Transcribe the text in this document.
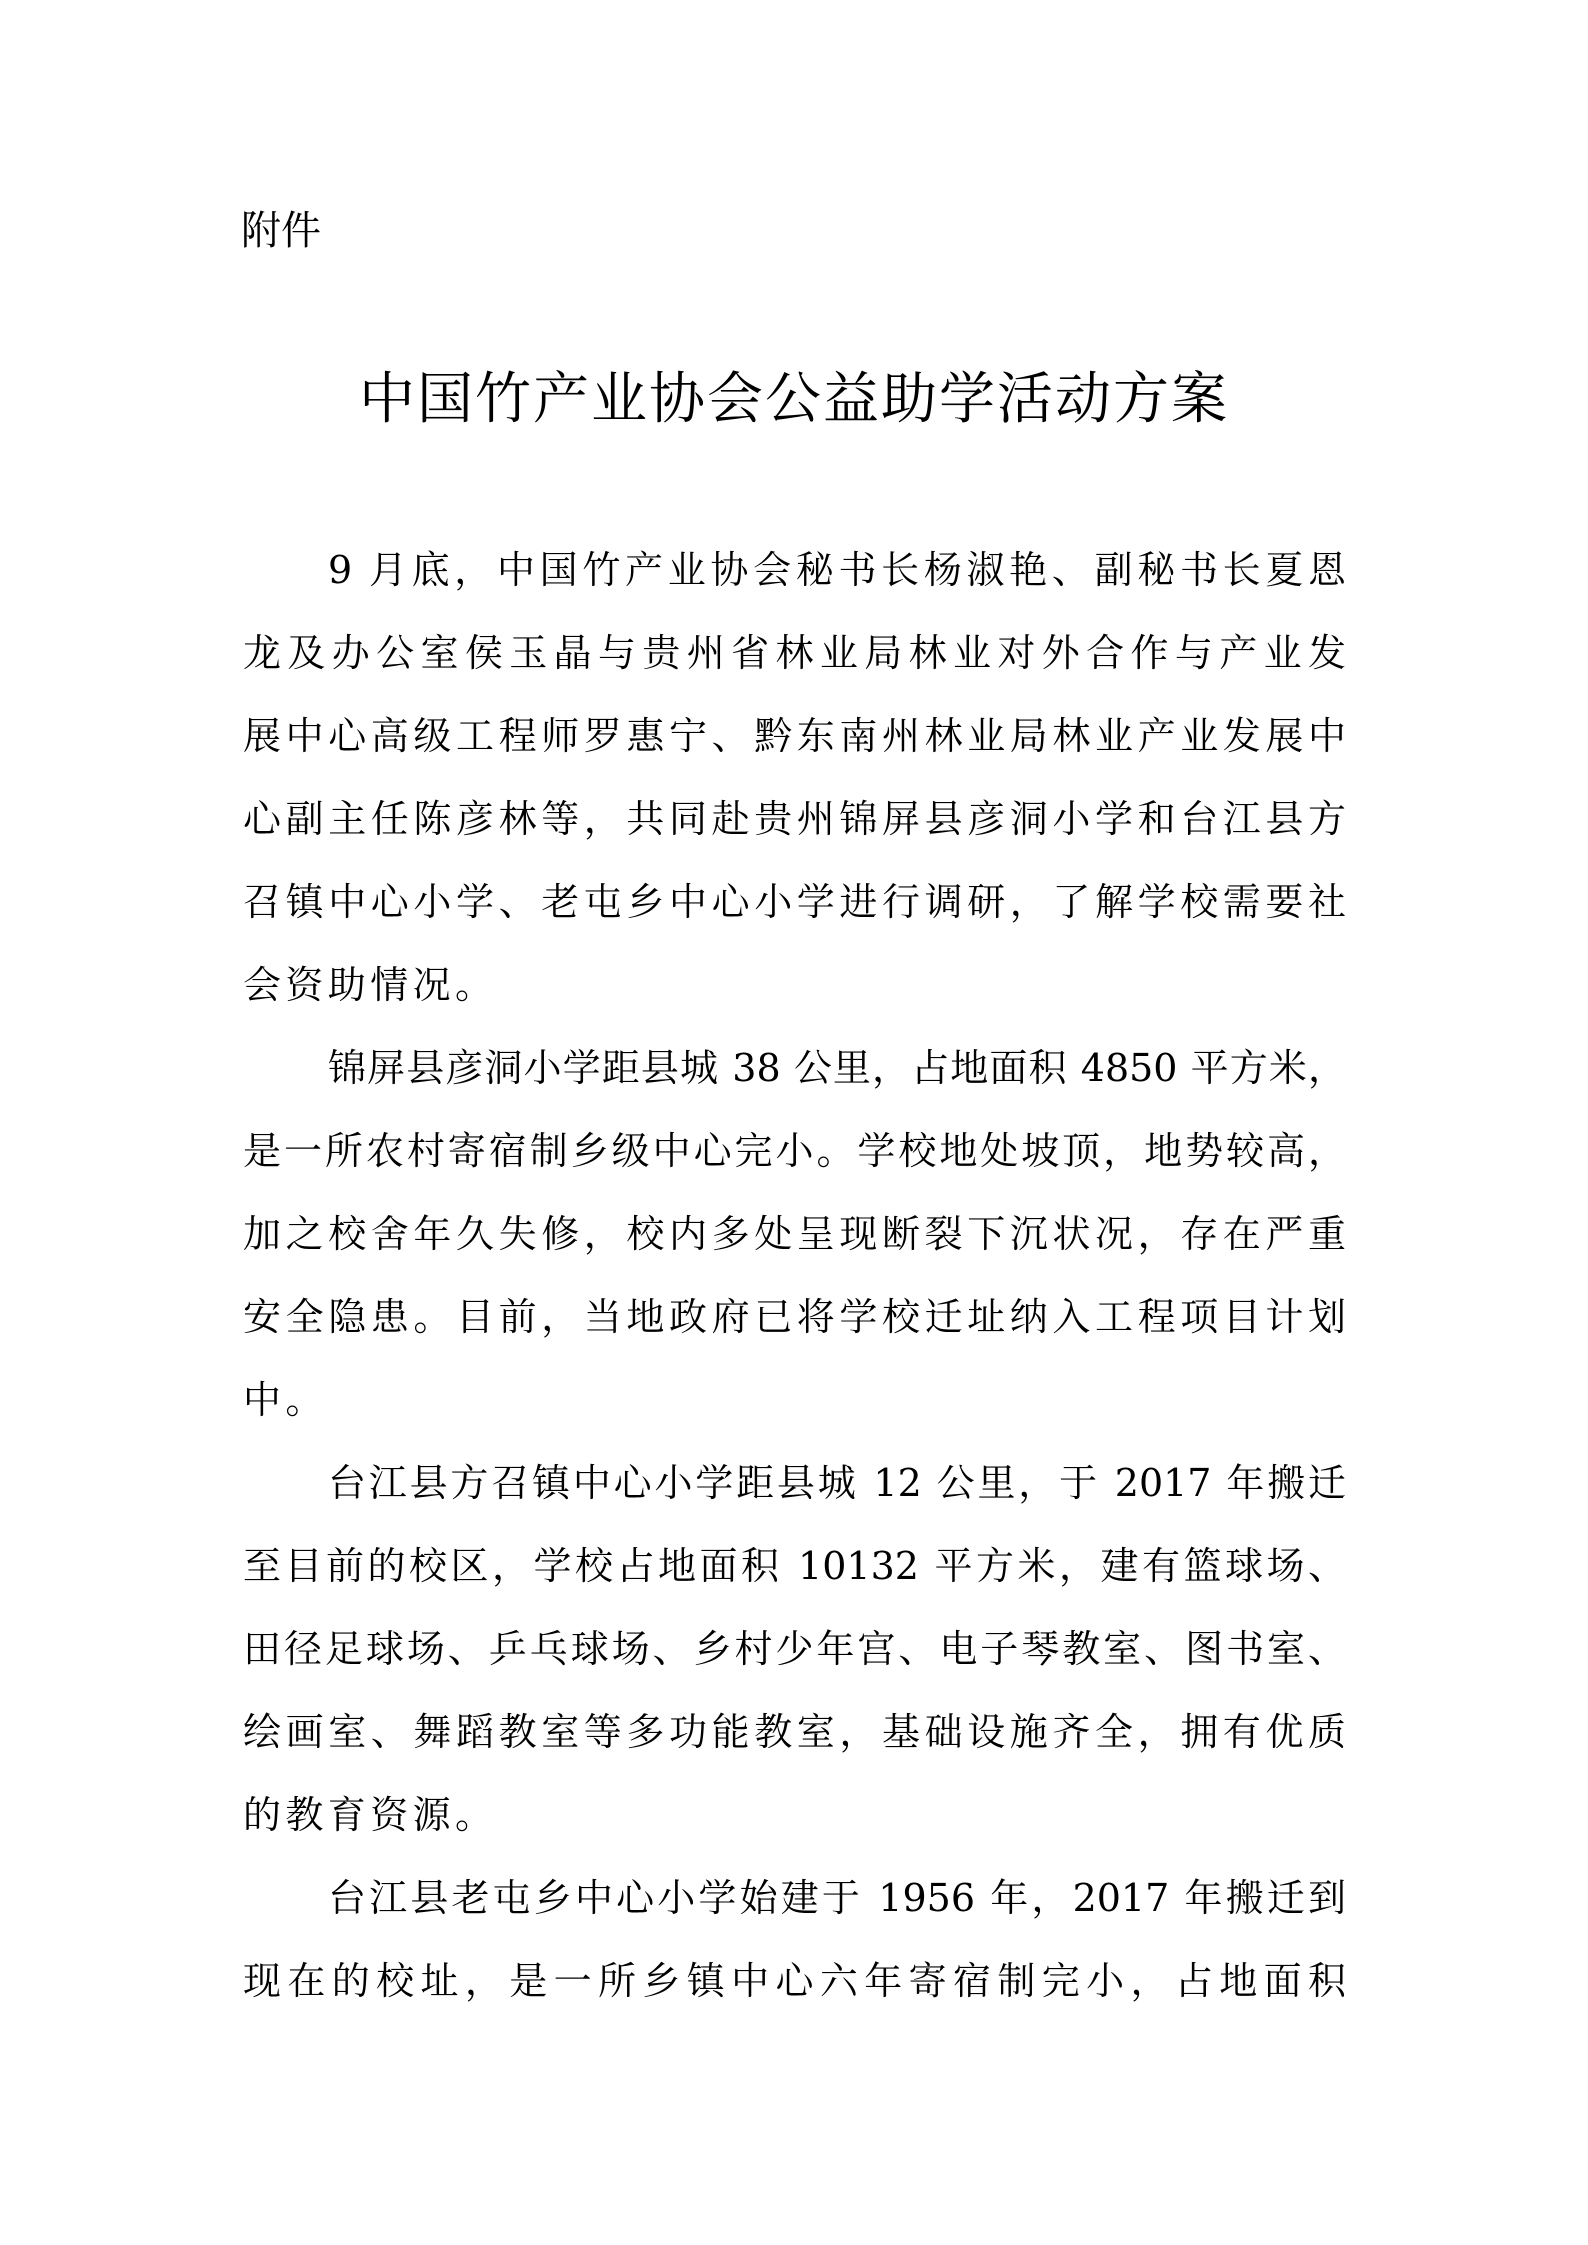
附件
中国竹产业协会公益助学活动方案
9 月底，中国竹产业协会秘书长杨淑艳、副秘书长夏恩
龙及办公室侯玉晶与贵州省林业局林业对外合作与产业发
展中心高级工程师罗惠宁、黔东南州林业局林业产业发展中
心副主任陈彦林等，共同赴贵州锦屏县彦洞小学和台江县方
召镇中心小学、老屯乡中心小学进行调研，了解学校需要社
会资助情况。
锦屏县彦洞小学距县城 38 公里，占地面积 4850 平方米，
是一所农村寄宿制乡级中心完小。学校地处坡顶，地势较高，
加之校舍年久失修，校内多处呈现断裂下沉状况，存在严重
安全隐患。目前，当地政府已将学校迁址纳入工程项目计划
中。
台江县方召镇中心小学距县城 12 公里，于 2017 年搬迁
至目前的校区，学校占地面积 10132 平方米，建有篮球场、
田径足球场、乒乓球场、乡村少年宫、电子琴教室、图书室、
绘画室、舞蹈教室等多功能教室，基础设施齐全，拥有优质
的教育资源。
台江县老屯乡中心小学始建于 1956 年，2017 年搬迁到
现在的校址，是一所乡镇中心六年寄宿制完小，占地面积
